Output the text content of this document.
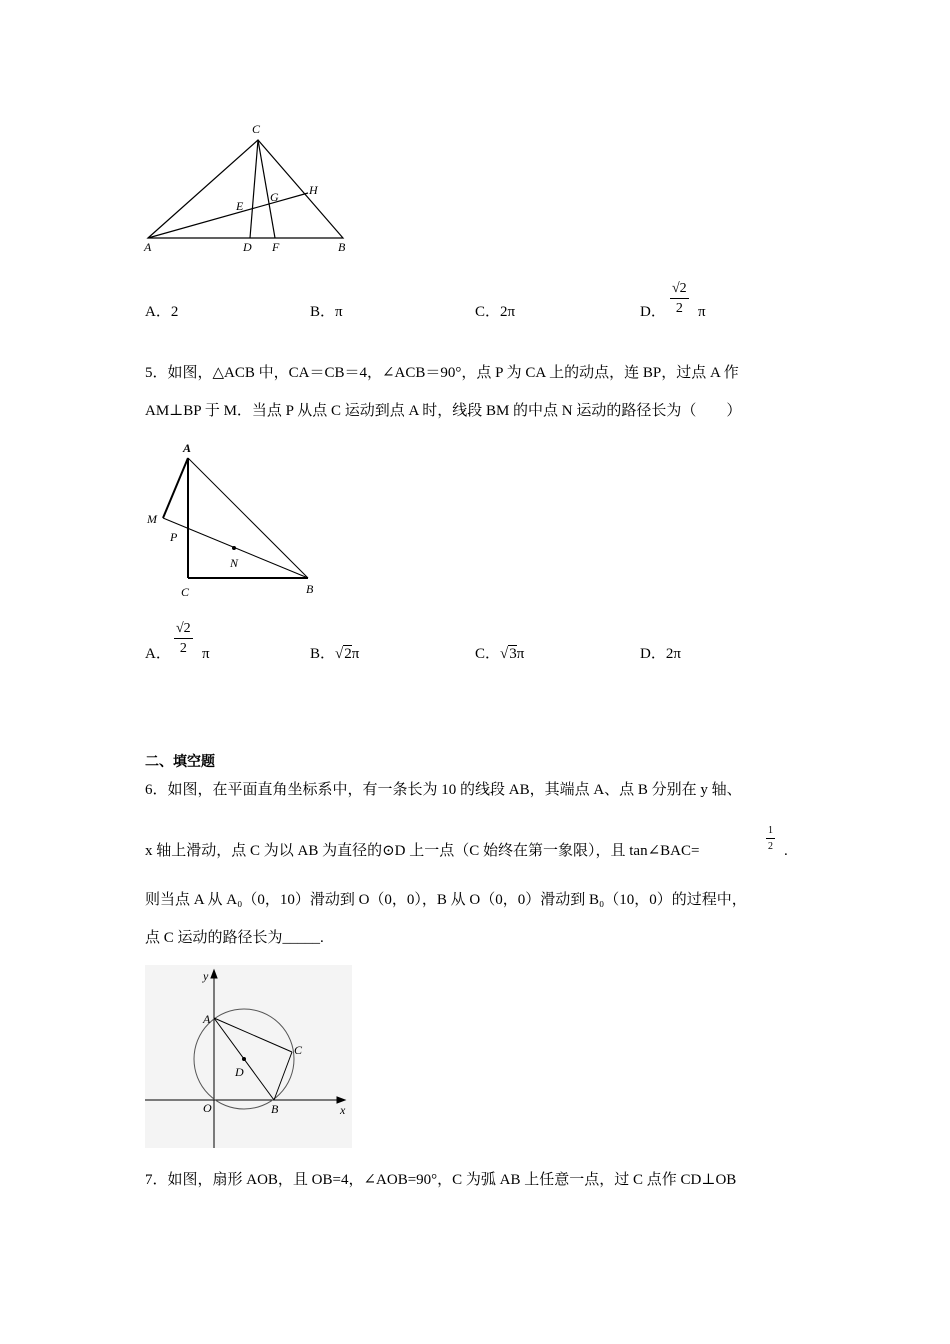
C
H
E
G
A	D F	B
A．2	B．π	C．2π	D． $\frac{√2}{2}$ π
5．如图，△ACB 中，CA＝CB＝4，∠ACB＝90°，点 P 为 CA 上的动点，连 BP，过点 A 作
AM⊥BP 于 M．当点 P 从点 C 运动到点 A 时，线段 BM 的中点 N 运动的路径长为（　　）
A
M
P
N
C	B
A． $\frac{√2}{2}$ π	B．√2π	C．√3π	D．2π
二、填空题
6．如图，在平面直角坐标系中，有一条长为 10 的线段 AB，其端点 A、点 B 分别在 y 轴、
x 轴上滑动，点 C 为以 AB 为直径的⊙D 上一点（C 始终在第一象限），且 tan∠BAC=	$\frac{1}{2}$ .
则当点 A 从 A₀（0，10）滑动到 O（0，0），B 从 O（0，0）滑动到 B₀（10，0）的过程中，
点 C 运动的路径长为_____.
y
A
C
D
O	B	x
7．如图，扇形 AOB，且 OB=4，∠AOB=90°，C 为弧 AB 上任意一点，过 C 点作 CD⊥OB
